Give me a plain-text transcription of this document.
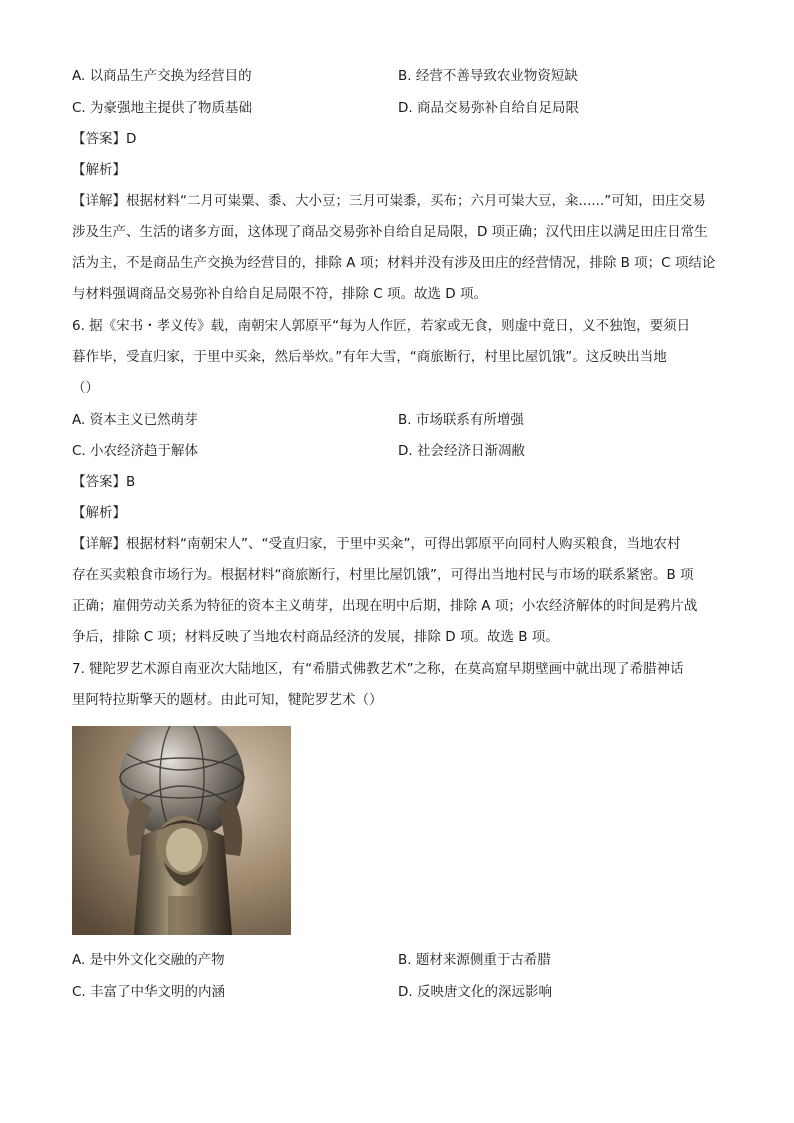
A. 以商品生产交换为经营目的	B. 经营不善导致农业物资短缺
C. 为豪强地主提供了物质基础	D. 商品交易弥补自给自足局限
【答案】D
【解析】
【详解】根据材料“二月可粜粟、黍、大小豆；三月可粜黍，买布；六月可粜大豆，籴......”可知，田庄交易
涉及生产、生活的诸多方面，这体现了商品交易弥补自给自足局限，D 项正确；汉代田庄以满足田庄日常生
活为主，不是商品生产交换为经营目的，排除 A 项；材料并没有涉及田庄的经营情况，排除 B 项；C 项结论
与材料强调商品交易弥补自给自足局限不符，排除 C 项。故选 D 项。
6. 据《宋书・孝义传》载，南朝宋人郭原平“每为人作匠，若家或无食，则虚中竟日，义不独饱，要须日
暮作毕，受直归家，于里中买籴，然后举炊。”有年大雪，“商旅断行，村里比屋饥饿”。这反映出当地
（）
A. 资本主义已然萌芽	B. 市场联系有所增强
C. 小农经济趋于解体	D. 社会经济日渐凋敝
【答案】B
【解析】
【详解】根据材料“南朝宋人”、“受直归家，于里中买籴”，可得出郭原平向同村人购买粮食，当地农村
存在买卖粮食市场行为。根据材料“商旅断行，村里比屋饥饿”，可得出当地村民与市场的联系紧密。B 项
正确；雇佣劳动关系为特征的资本主义萌芽，出现在明中后期，排除 A 项；小农经济解体的时间是鸦片战
争后，排除 C 项；材料反映了当地农村商品经济的发展，排除 D 项。故选 B 项。
7. 犍陀罗艺术源自南亚次大陆地区，有“希腊式佛教艺术”之称，在莫高窟早期壁画中就出现了希腊神话
里阿特拉斯擎天的题材。由此可知，犍陀罗艺术（）
A. 是中外文化交融的产物	B. 题材来源侧重于古希腊
C. 丰富了中华文明的内涵	D. 反映唐文化的深远影响
